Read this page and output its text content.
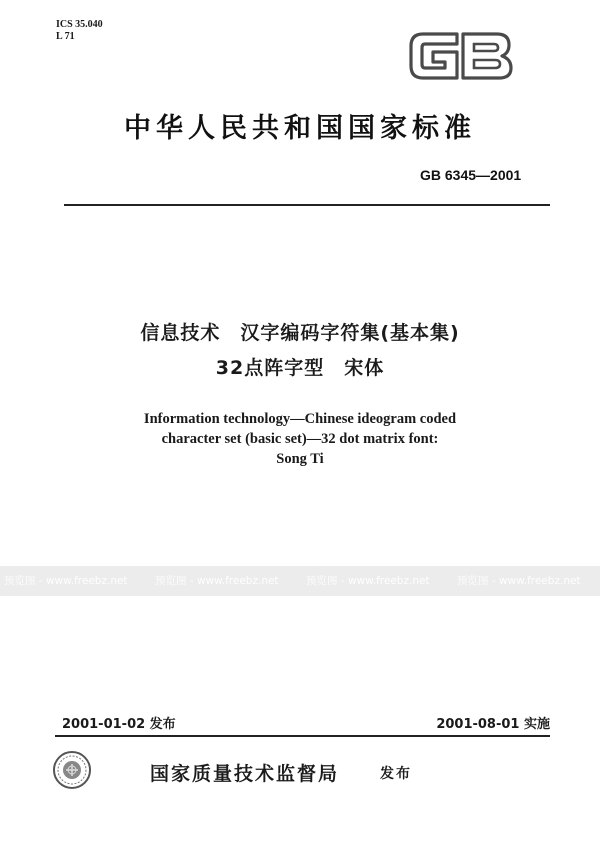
ICS 35.040
L 71
中华人民共和国国家标准
GB 6345—2001
信息技术　汉字编码字符集(基本集)
32点阵字型　宋体
Information technology—Chinese ideogram coded
character set (basic set)—32 dot matrix font:
Song Ti
预览图 - www.freebz.net	预览图 - www.freebz.net	预览图 - www.freebz.net	预览图 - www.freebz.net
2001-01-02 发布	2001-08-01 实施
国家质量技术监督局	发布
